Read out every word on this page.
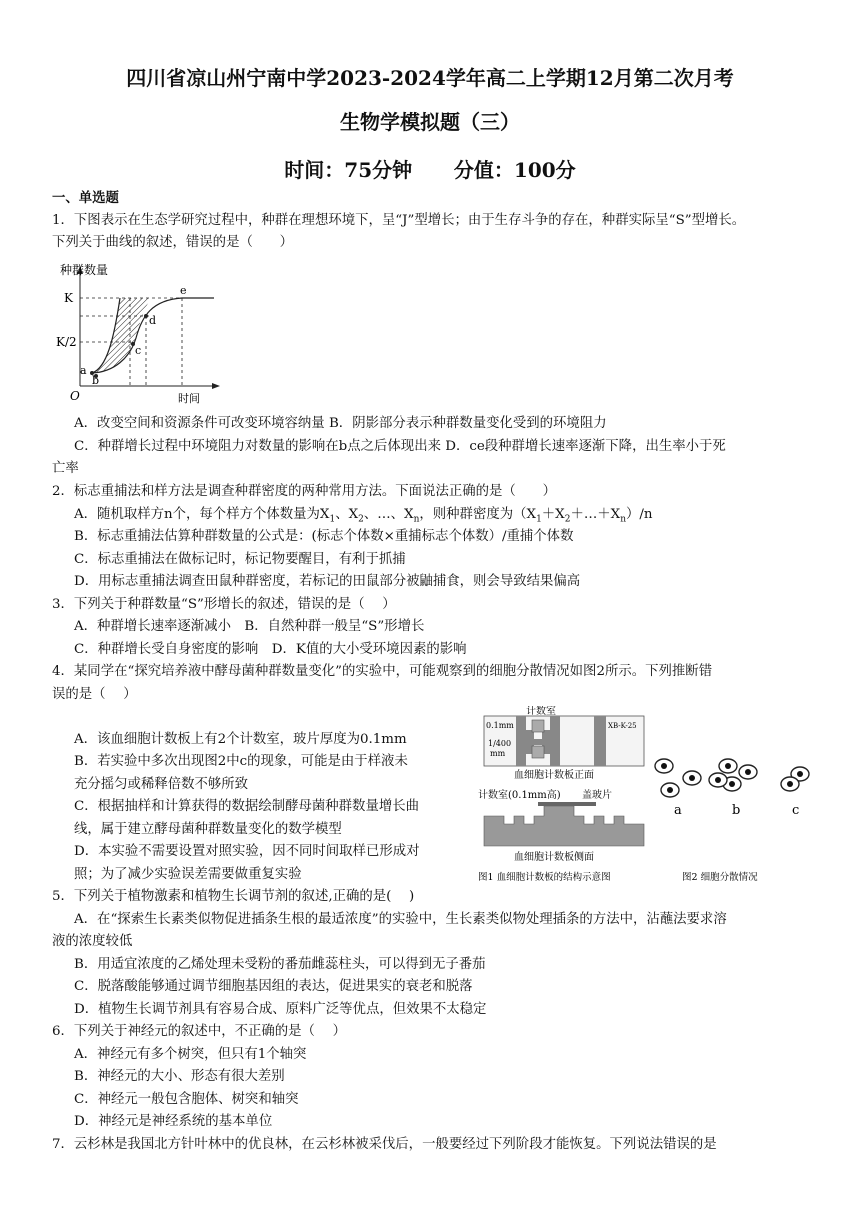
四川省凉山州宁南中学2023-2024学年高二上学期12月第二次月考
生物学模拟题（三）
时间：75分钟      分值：100分
一、单选题
1．下图表示在生态学研究过程中，种群在理想环境下，呈“J”型增长；由于生存斗争的存在，种群实际呈“S”型增长。
下列关于曲线的叙述，错误的是（　　）
种群数量
时间
O
K
K/2
a
b
c
d
e
A．改变空间和资源条件可改变环境容纳量 B．阴影部分表示种群数量变化受到的环境阻力
C．种群增长过程中环境阻力对数量的影响在b点之后体现出来 D．ce段种群增长速率逐渐下降，出生率小于死
亡率
2．标志重捕法和样方法是调查种群密度的两种常用方法。下面说法正确的是（　　）
A．随机取样方n个，每个样方个体数量为$X_1$、$X_2$、…、$X_n$，则种群密度为$(X_1+X_2+\dots+X_n)/n$
B．标志重捕法估算种群数量的公式是：(标志个体数×重捕标志个体数）/重捕个体数
C．标志重捕法在做标记时，标记物要醒目，有利于抓捕
D．用标志重捕法调查田鼠种群密度，若标记的田鼠部分被鼬捕食，则会导致结果偏高
3．下列关于种群数量“S”形增长的叙述，错误的是（　 ）
A．种群增长速率逐渐减小　B．自然种群一般呈“S”形增长
C．种群增长受自身密度的影响　D．K值的大小受环境因素的影响
4．某同学在“探究培养液中酵母菌种群数量变化”的实验中，可能观察到的细胞分散情况如图2所示。下列推断错
误的是（　 ）
A．该血细胞计数板上有2个计数室，玻片厚度为0.1mm
B．若实验中多次出现图2中c的现象，可能是由于样液未
充分摇匀或稀释倍数不够所致
C．根据抽样和计算获得的数据绘制酵母菌种群数量增长曲
线，属于建立酵母菌种群数量变化的数学模型
D．本实验不需要设置对照实验，因不同时间取样已形成对
照；为了减少实验误差需要做重复实验
计数室
0.1mm
1/400
mm
XB-K-25
血细胞计数板正面
计数室(0.1mm高) 盖玻片
血细胞计数板侧面
图1 血细胞计数板的结构示意图
a	b	c
图2 细胞分散情况
5．下列关于植物激素和植物生长调节剂的叙述,正确的是(　 )
A．在“探索生长素类似物促进插条生根的最适浓度”的实验中，生长素类似物处理插条的方法中，沾蘸法要求溶
液的浓度较低
B．用适宜浓度的乙烯处理未受粉的番茄雌蕊柱头，可以得到无子番茄
C．脱落酸能够通过调节细胞基因组的表达，促进果实的衰老和脱落
D．植物生长调节剂具有容易合成、原料广泛等优点，但效果不太稳定
6．下列关于神经元的叙述中，不正确的是（　 ）
A．神经元有多个树突，但只有1个轴突
B．神经元的大小、形态有很大差别
C．神经元一般包含胞体、树突和轴突
D．神经元是神经系统的基本单位
7．云杉林是我国北方针叶林中的优良林，在云杉林被采伐后，一般要经过下列阶段才能恢复。下列说法错误的是
